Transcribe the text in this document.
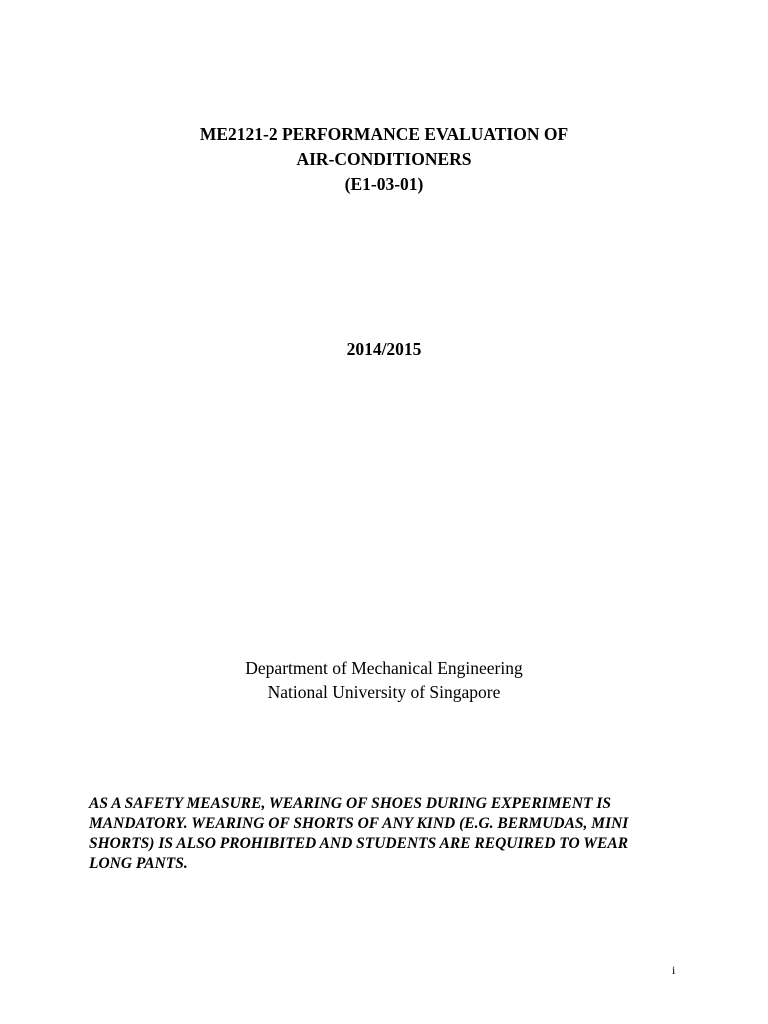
ME2121-2 PERFORMANCE EVALUATION OF
AIR-CONDITIONERS
(E1-03-01)
2014/2015
Department of Mechanical Engineering
National University of Singapore
AS A SAFETY MEASURE, WEARING OF SHOES DURING EXPERIMENT IS
MANDATORY. WEARING OF SHORTS OF ANY KIND (E.G. BERMUDAS, MINI
SHORTS) IS ALSO PROHIBITED AND STUDENTS ARE REQUIRED TO WEAR
LONG PANTS.
i
